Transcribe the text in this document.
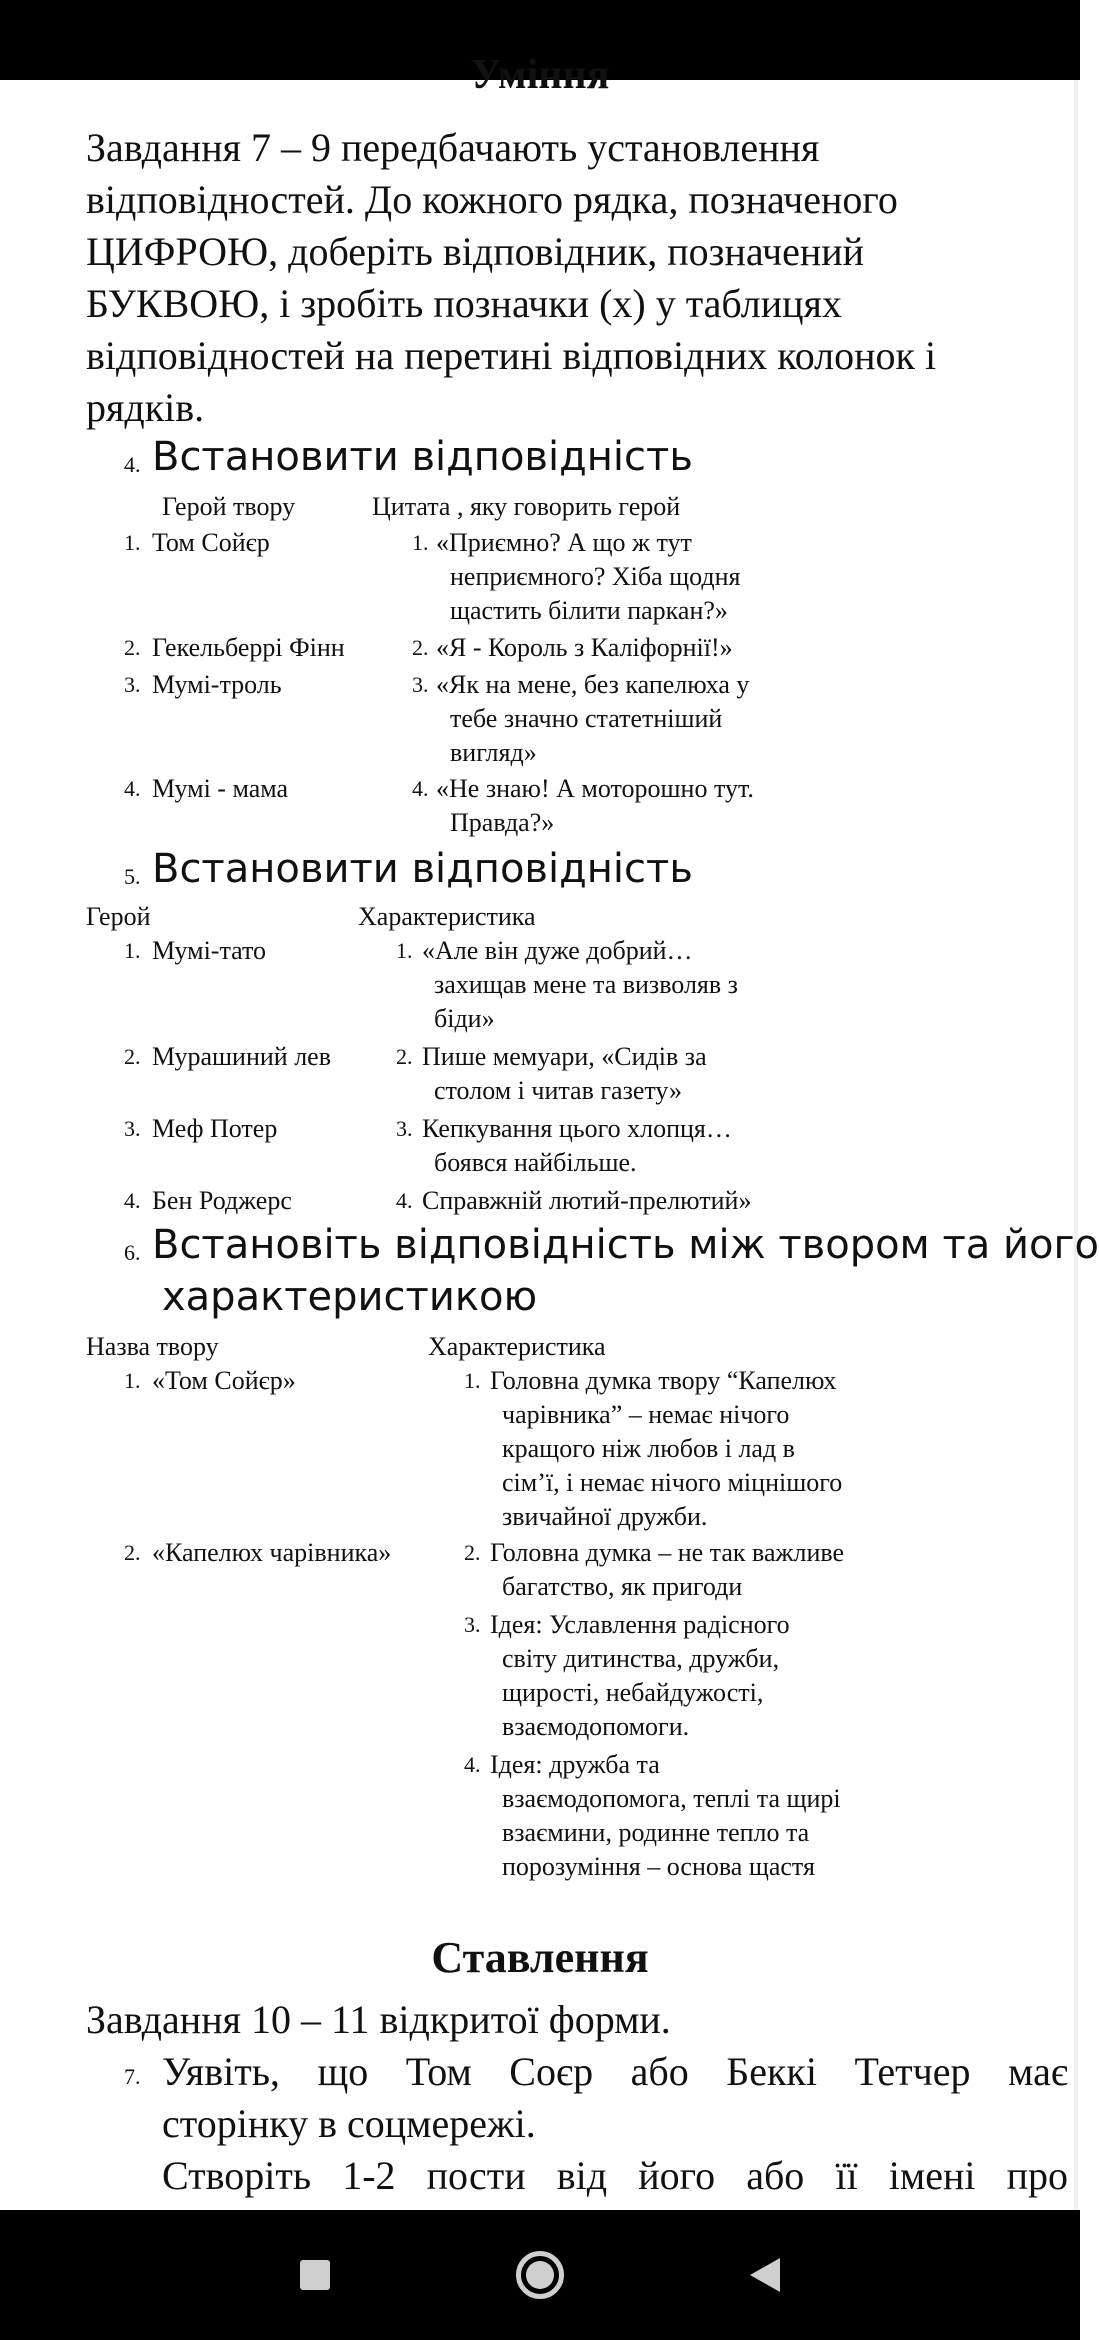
Уміння
Завдання 7 – 9 передбачають установлення
відповідностей. До кожного рядка, позначеного
ЦИФРОЮ, доберіть відповідник, позначений
БУКВОЮ, і зробіть позначки (х) у таблицях
відповідностей на перетині відповідних колонок і
рядків.
4. Встановити відповідність
Герой твору	Цитата , яку говорить герой
1. Том Сойєр	1. «Приємно? А що ж тут
неприємного? Хіба щодня
щастить білити паркан?»
2. Гекельберрі Фінн	2. «Я - Король з Каліфорнії!»
3. Мумі-троль	3. «Як на мене, без капелюха у
тебе значно статетніший
вигляд»
4. Мумі - мама	4. «Не знаю! А моторошно тут.
Правда?»
5. Встановити відповідність
Герой	Характеристика
1. Мумі-тато	1. «Але він дуже добрий…
захищав мене та визволяв з
біди»
2. Мурашиний лев	2. Пише мемуари, «Сидів за
столом і читав газету»
3. Меф Потер	3. Кепкування цього хлопця…
боявся найбільше.
4. Бен Роджерс	4. Справжній лютий-прелютий»
6. Встановіть відповідність між твором та його
характеристикою
Назва твору	Характеристика
1. «Том Сойєр»	1. Головна думка твору “Капелюх
чарівника” – немає нічого
кращого ніж любов і лад в
сім’ї, і немає нічого міцнішого
звичайної дружби.
2. «Капелюх чарівника»	2. Головна думка – не так важливе
багатство, як пригоди
3. Ідея: Уславлення радісного
світу дитинства, дружби,
щирості, небайдужості,
взаємодопомоги.
4. Ідея: дружба та
взаємодопомога, теплі та щирі
взаємини, родинне тепло та
порозуміння – основа щастя
Ставлення
Завдання 10 – 11 відкритої форми.
7. Уявіть, що Том Соєр або Беккі Тетчер має
сторінку в соцмережі.
Створіть 1-2 пости від його або її імені про
